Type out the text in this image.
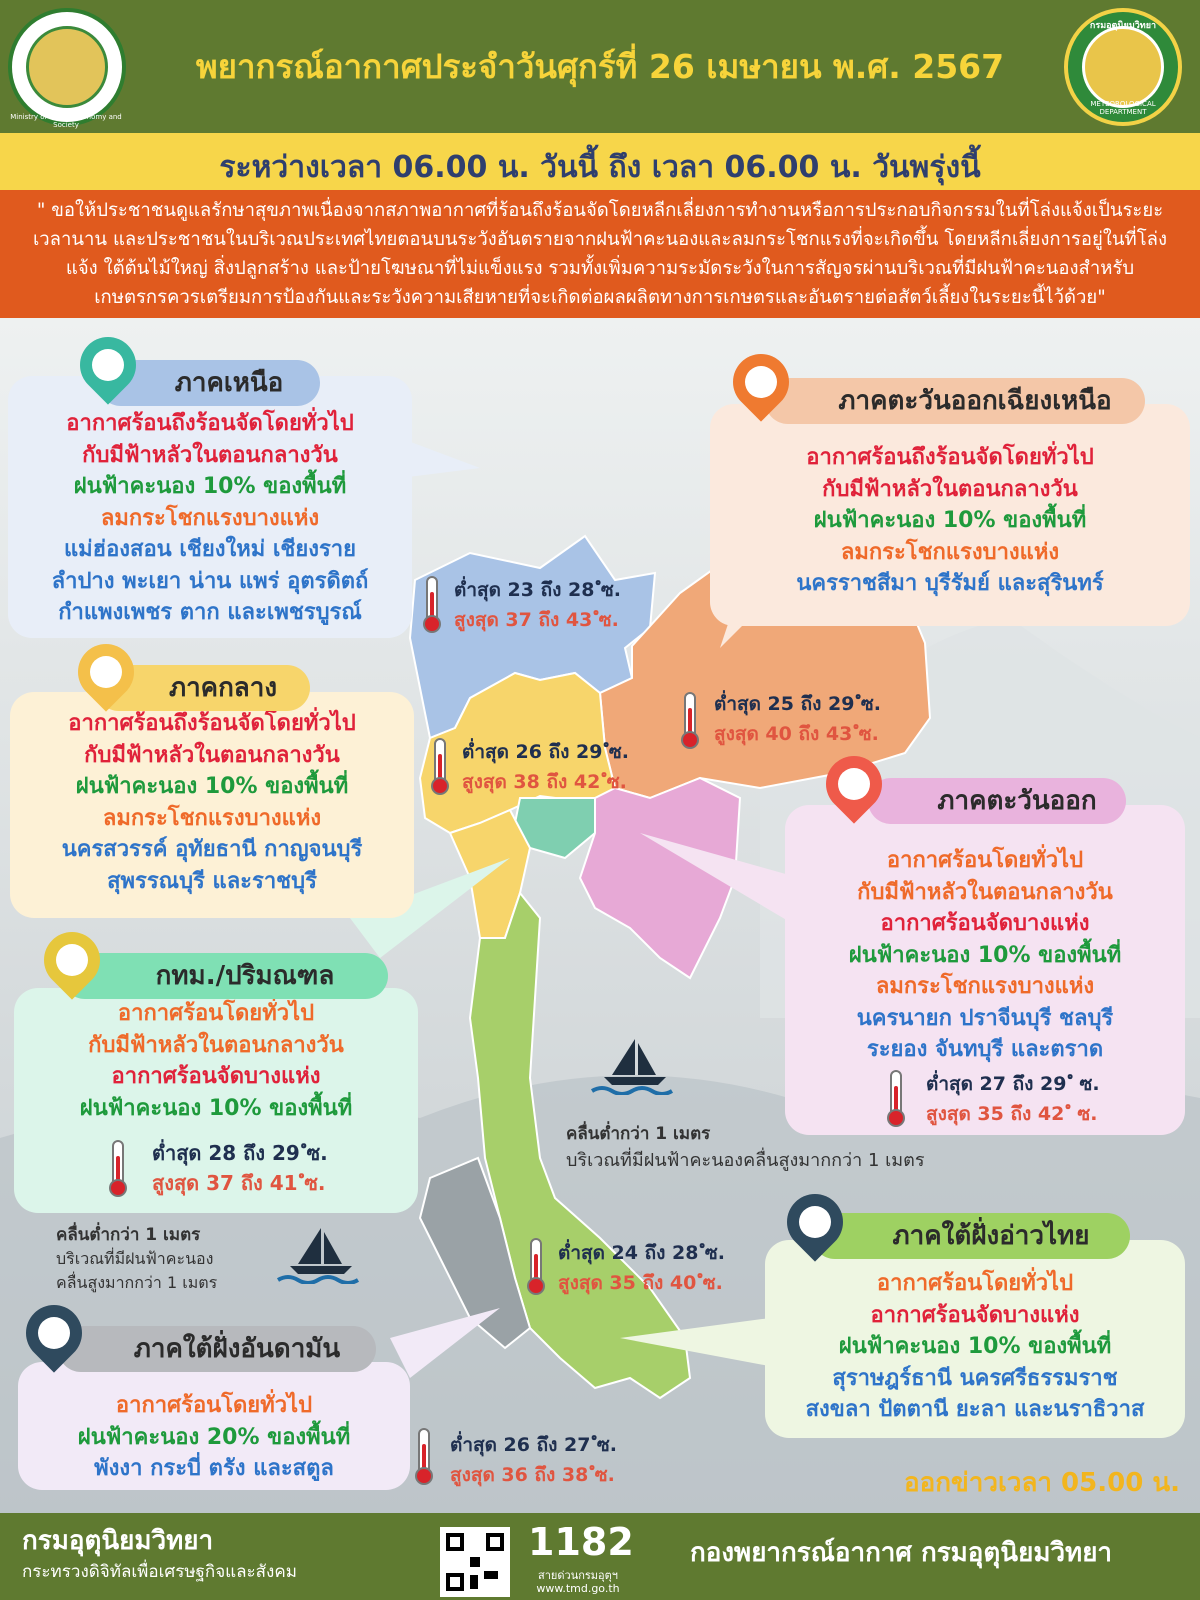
Ministry of Digital Economy and Society
พยากรณ์อากาศประจำวันศุกร์ที่ 26 เมษายน พ.ศ. 2567
กรมอุตุนิยมวิทยา
METEOROLOGICAL DEPARTMENT
ระหว่างเวลา 06.00 น. วันนี้ ถึง เวลา 06.00 น. วันพรุ่งนี้
" ขอให้ประชาชนดูแลรักษาสุขภาพเนื่องจากสภาพอากาศที่ร้อนถึงร้อนจัดโดยหลีกเลี่ยงการทำงานหรือการประกอบกิจกรรมในที่โล่งแจ้งเป็นระยะเวลานาน และประชาชนในบริเวณประเทศไทยตอนบนระวังอันตรายจากฝนฟ้าคะนองและลมกระโชกแรงที่จะเกิดขึ้น โดยหลีกเลี่ยงการอยู่ในที่โล่งแจ้ง ใต้ต้นไม้ใหญ่ สิ่งปลูกสร้าง และป้ายโฆษณาที่ไม่แข็งแรง รวมทั้งเพิ่มความระมัดระวังในการสัญจรผ่านบริเวณที่มีฝนฟ้าคะนองสำหรับเกษตรกรควรเตรียมการป้องกันและระวังความเสียหายที่จะเกิดต่อผลผลิตทางการเกษตรและอันตรายต่อสัตว์เลี้ยงในระยะนี้ไว้ด้วย"
อากาศร้อนถึงร้อนจัดโดยทั่วไป
กับมีฟ้าหลัวในตอนกลางวัน
ฝนฟ้าคะนอง 10% ของพื้นที่
ลมกระโชกแรงบางแห่ง
แม่ฮ่องสอน เชียงใหม่ เชียงราย
ลำปาง พะเยา น่าน แพร่ อุตรดิตถ์
กำแพงเพชร ตาก และเพชรบูรณ์
ภาคเหนือ
อากาศร้อนถึงร้อนจัดโดยทั่วไป
กับมีฟ้าหลัวในตอนกลางวัน
ฝนฟ้าคะนอง 10% ของพื้นที่
ลมกระโชกแรงบางแห่ง
นครราชสีมา บุรีรัมย์ และสุรินทร์
ภาคตะวันออกเฉียงเหนือ
อากาศร้อนถึงร้อนจัดโดยทั่วไป
กับมีฟ้าหลัวในตอนกลางวัน
ฝนฟ้าคะนอง 10% ของพื้นที่
ลมกระโชกแรงบางแห่ง
นครสวรรค์ อุทัยธานี กาญจนบุรี
สุพรรณบุรี และราชบุรี
ภาคกลาง
อากาศร้อนโดยทั่วไป
กับมีฟ้าหลัวในตอนกลางวัน
อากาศร้อนจัดบางแห่ง
ฝนฟ้าคะนอง 10% ของพื้นที่
ลมกระโชกแรงบางแห่ง
นครนายก ปราจีนบุรี ชลบุรี
ระยอง จันทบุรี และตราด
ภาคตะวันออก
อากาศร้อนโดยทั่วไป
กับมีฟ้าหลัวในตอนกลางวัน
อากาศร้อนจัดบางแห่ง
ฝนฟ้าคะนอง 10% ของพื้นที่
กทม./ปริมณฑล
อากาศร้อนโดยทั่วไป
อากาศร้อนจัดบางแห่ง
ฝนฟ้าคะนอง 10% ของพื้นที่
สุราษฎร์ธานี นครศรีธรรมราช
สงขลา ปัตตานี ยะลา และนราธิวาส
ภาคใต้ฝั่งอ่าวไทย
อากาศร้อนโดยทั่วไป
ฝนฟ้าคะนอง 20% ของพื้นที่
พังงา กระบี่ ตรัง และสตูล
ภาคใต้ฝั่งอันดามัน
ต่ำสุด 23 ถึง 28 ํซ.
สูงสุด 37 ถึง 43 ํซ.
ต่ำสุด 25 ถึง 29 ํซ.
สูงสุด 40 ถึง 43 ํซ.
ต่ำสุด 26 ถึง 29 ํซ.
สูงสุด 38 ถึง 42 ํซ.
ต่ำสุด 27 ถึง 29 ํ ซ.
สูงสุด 35 ถึง 42 ํ ซ.
ต่ำสุด 28 ถึง 29 ํซ.
สูงสุด 37 ถึง 41 ํซ.
ต่ำสุด 24 ถึง 28 ํซ.
สูงสุด 35 ถึง 40 ํซ.
ต่ำสุด 26 ถึง 27 ํซ.
สูงสุด 36 ถึง 38 ํซ.
คลื่นต่ำกว่า 1 เมตร
บริเวณที่มีฝนฟ้าคะนองคลื่นสูงมากกว่า 1 เมตร
คลื่นต่ำกว่า 1 เมตร
บริเวณที่มีฝนฟ้าคะนอง
คลื่นสูงมากกว่า 1 เมตร
ออกข่าวเวลา 05.00 น.
กรมอุตุนิยมวิทยา
กระทรวงดิจิทัลเพื่อเศรษฐกิจและสังคม
1182
สายด่วนกรมอุตุฯ
www.tmd.go.th
กองพยากรณ์อากาศ กรมอุตุนิยมวิทยา
